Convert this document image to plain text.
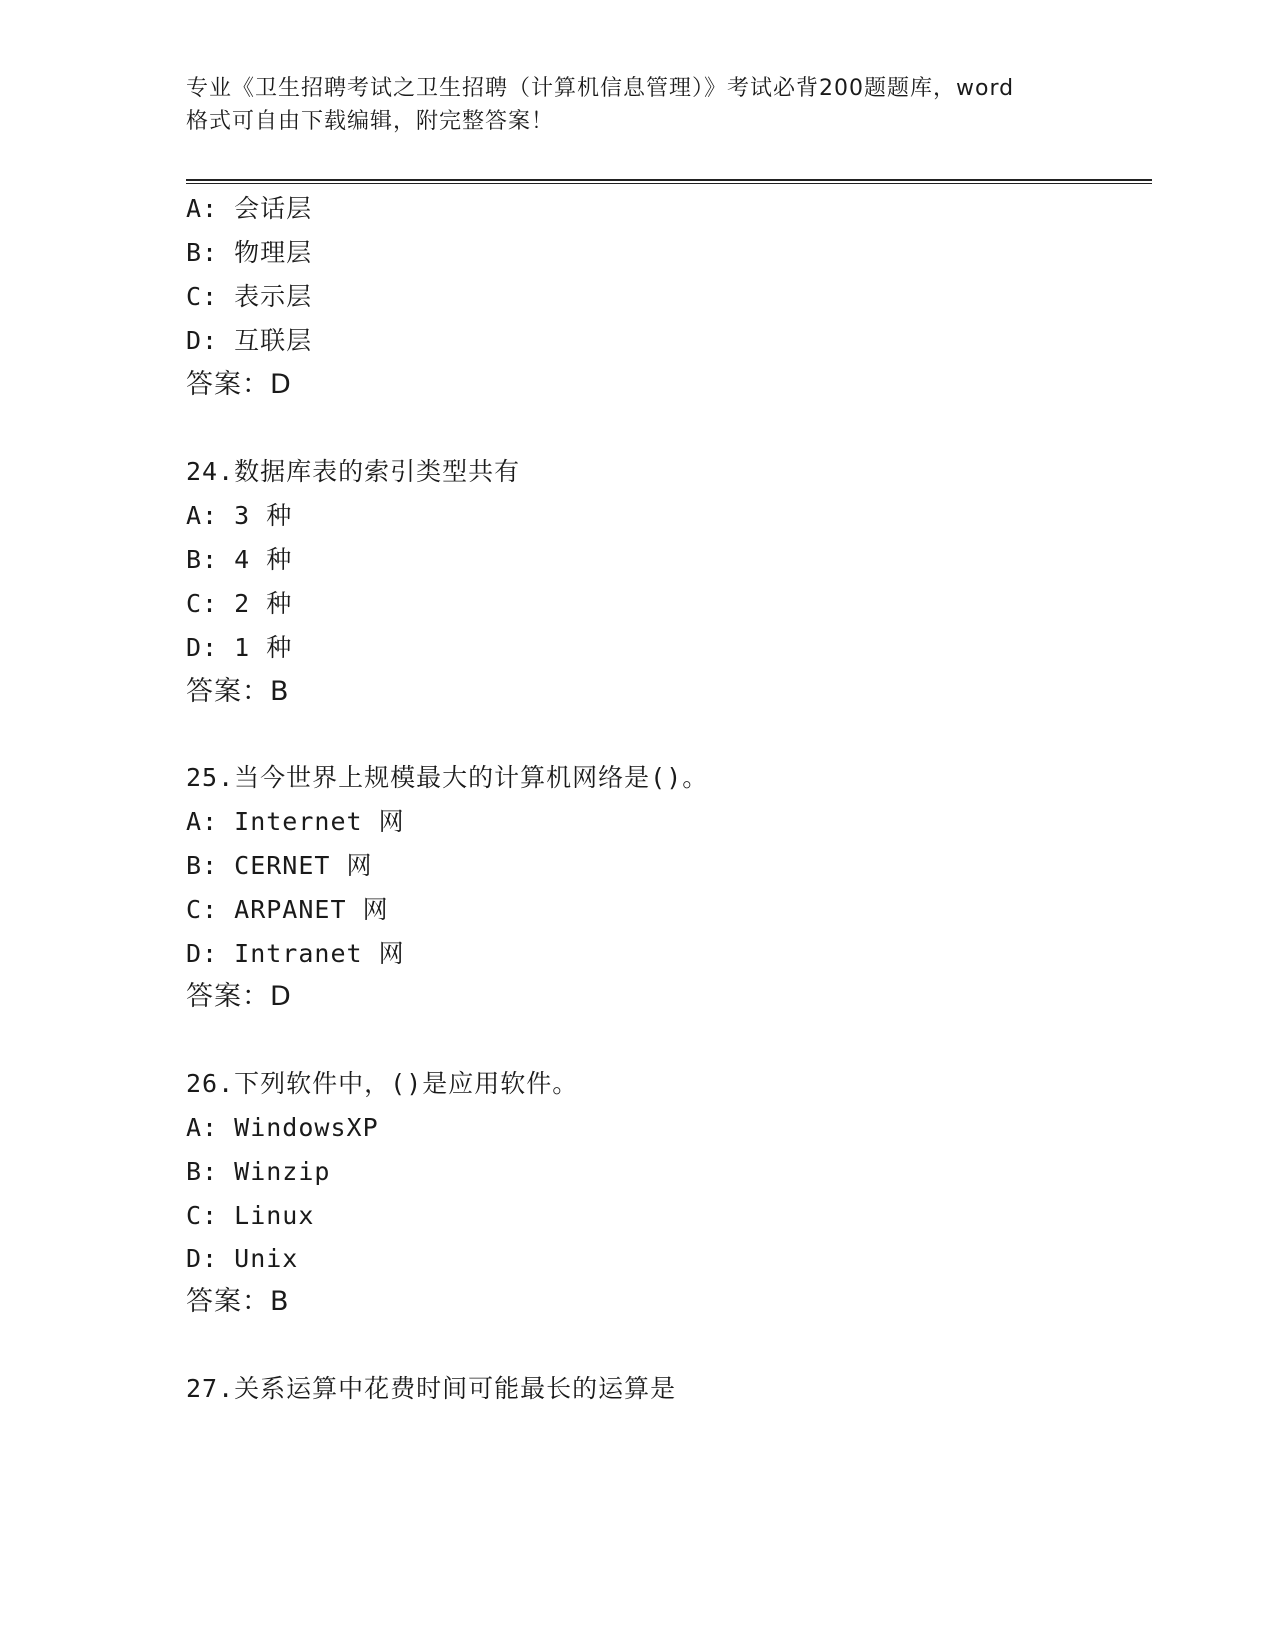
专业《卫生招聘考试之卫生招聘（计算机信息管理）》考试必背200题题库，word
格式可自由下载编辑，附完整答案！
A: 会话层
B: 物理层
C: 表示层
D: 互联层
答案：D
24.数据库表的索引类型共有
A: 3 种
B: 4 种
C: 2 种
D: 1 种
答案：B
25.当今世界上规模最大的计算机网络是()。
A: Internet 网
B: CERNET 网
C: ARPANET 网
D: Intranet 网
答案：D
26.下列软件中，()是应用软件。
A: WindowsXP
B: Winzip
C: Linux
D: Unix
答案：B
27.关系运算中花费时间可能最长的运算是
